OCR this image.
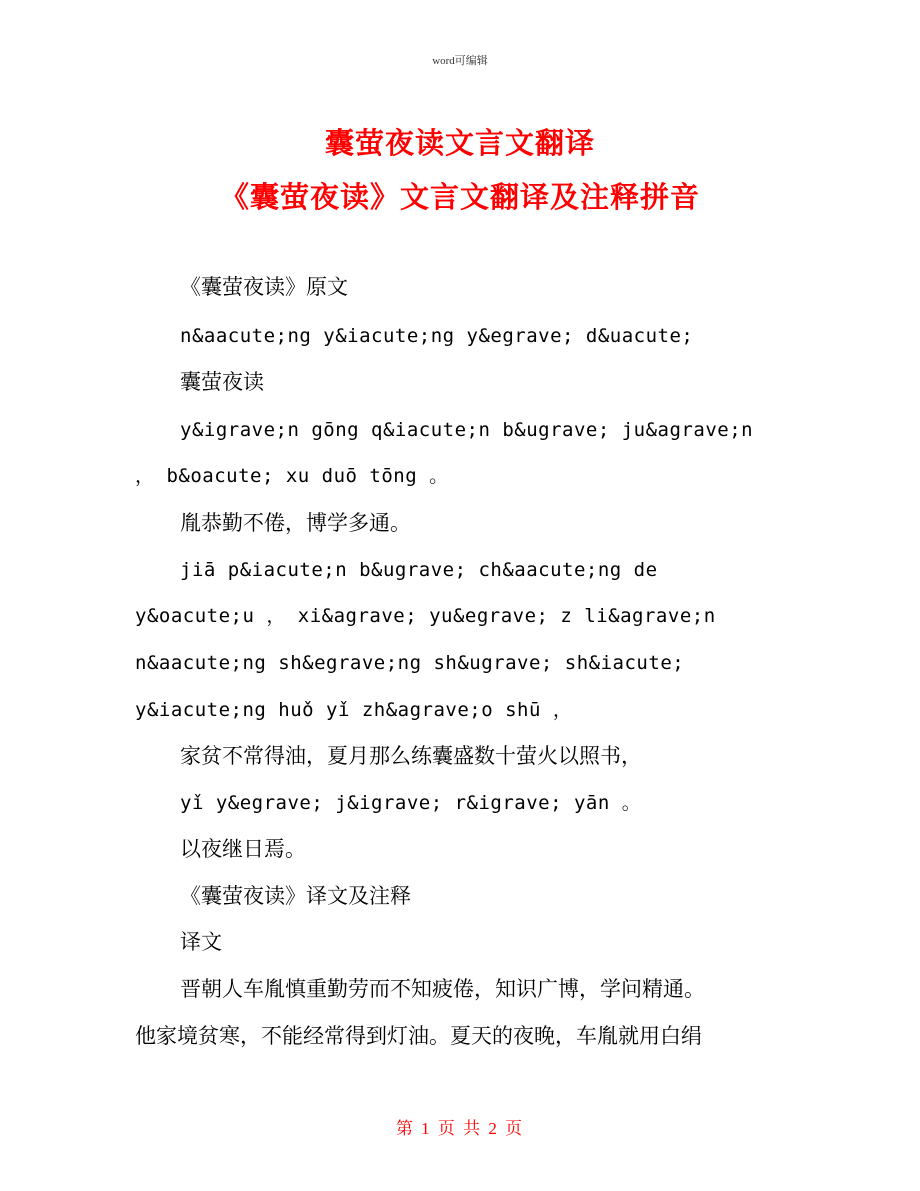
word可编辑
囊萤夜读文言文翻译
《囊萤夜读》文言文翻译及注释拼音
《囊萤夜读》原文
n&aacute;ng y&iacute;ng y&egrave; d&uacute;
囊萤夜读
y&igrave;n gōng q&iacute;n b&ugrave; ju&agrave;n
， b&oacute; xu duō tōng 。
胤恭勤不倦，博学多通。
jiā p&iacute;n b&ugrave; ch&aacute;ng de
y&oacute;u ， xi&agrave; yu&egrave; z li&agrave;n
n&aacute;ng sh&egrave;ng sh&ugrave; sh&iacute;
y&iacute;ng huǒ yǐ zh&agrave;o shū ，
家贫不常得油，夏月那么练囊盛数十萤火以照书，
yǐ y&egrave; j&igrave; r&igrave; yān 。
以夜继日焉。
《囊萤夜读》译文及注释
译文
晋朝人车胤慎重勤劳而不知疲倦，知识广博，学问精通。
他家境贫寒，不能经常得到灯油。夏天的夜晚，车胤就用白绢
第 1 页 共 2 页
